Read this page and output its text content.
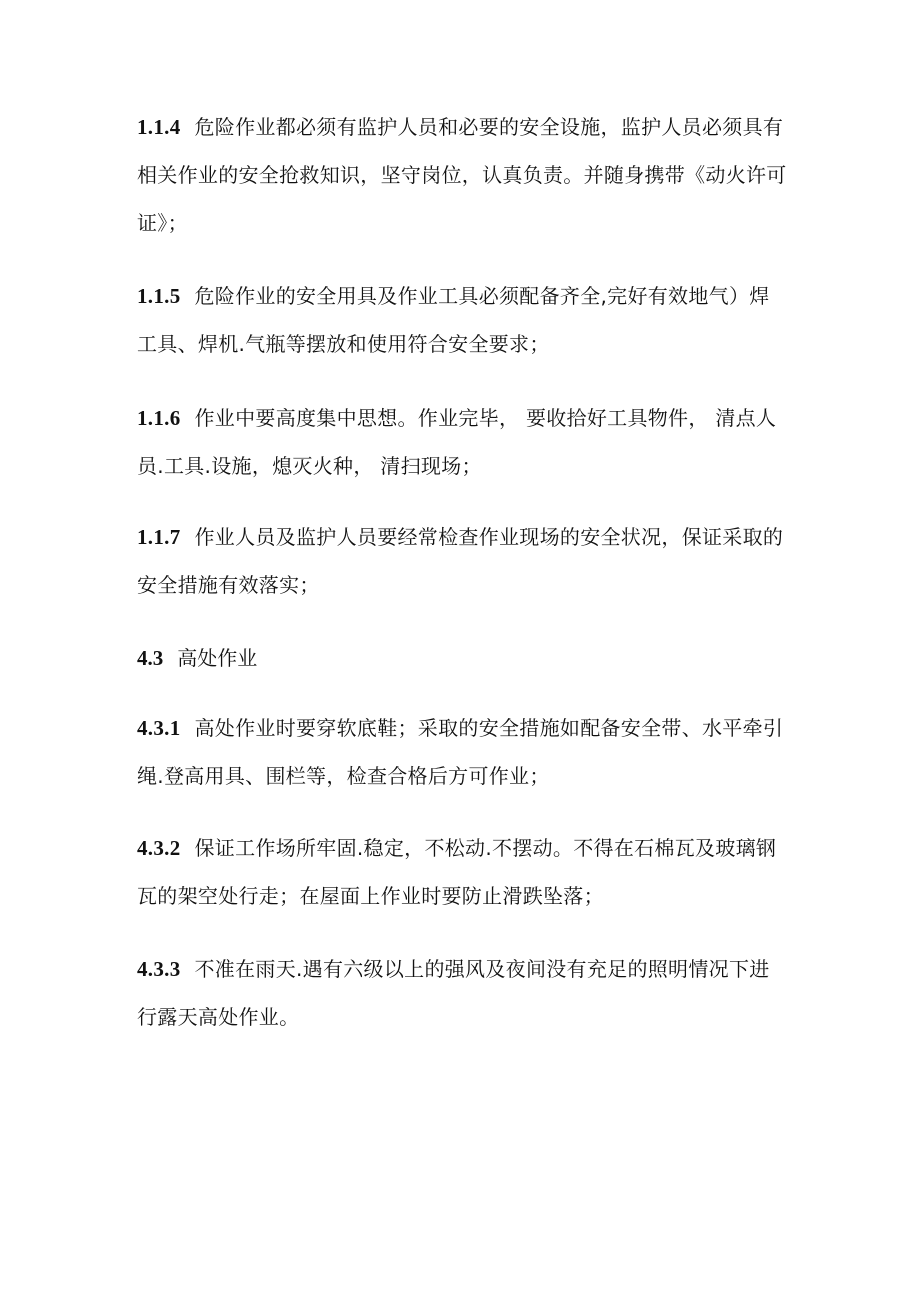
1.1.4 危险作业都必须有监护人员和必要的安全设施，监护人员必须具有
相关作业的安全抢救知识，坚守岗位，认真负责。并随身携带《动火许可
证》；
1.1.5 危险作业的安全用具及作业工具必须配备齐全,完好有效地气）焊
工具、焊机.气瓶等摆放和使用符合安全要求；
1.1.6 作业中要高度集中思想。作业完毕， 要收拾好工具物件， 清点人
员.工具.设施，熄灭火种， 清扫现场；
1.1.7 作业人员及监护人员要经常检查作业现场的安全状况，保证采取的
安全措施有效落实；
4.3 高处作业
4.3.1 高处作业时要穿软底鞋；采取的安全措施如配备安全带、水平牵引
绳.登高用具、围栏等，检查合格后方可作业；
4.3.2 保证工作场所牢固.稳定，不松动.不摆动。不得在石棉瓦及玻璃钢
瓦的架空处行走；在屋面上作业时要防止滑跌坠落；
4.3.3 不准在雨天.遇有六级以上的强风及夜间没有充足的照明情况下进
行露天高处作业。
